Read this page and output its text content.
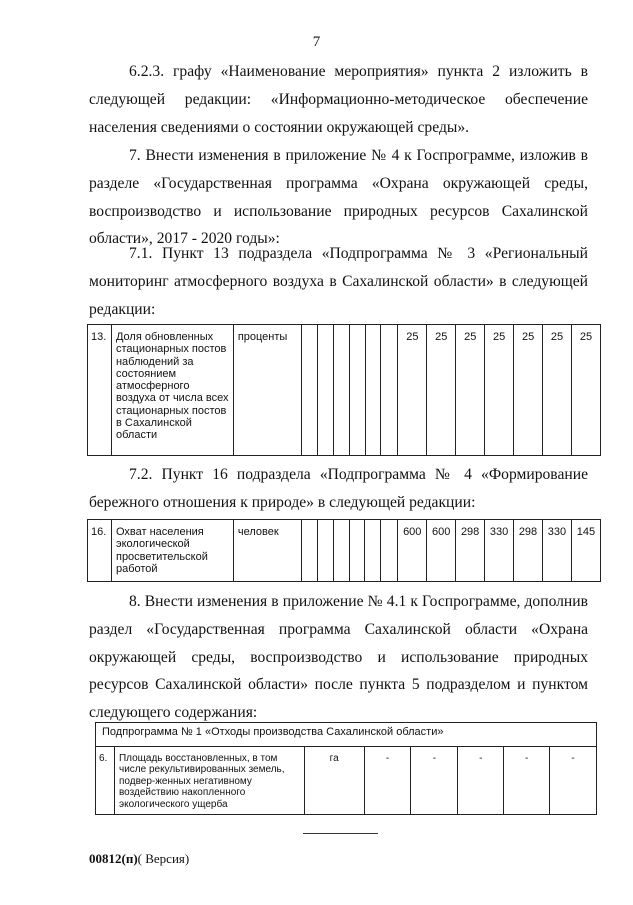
7
6.2.3. графу «Наименование мероприятия» пункта 2 изложить в следующей редакции: «Информационно-методическое обеспечение населения сведениями о состоянии окружающей среды».
7. Внести изменения в приложение № 4 к Госпрограмме, изложив в разделе «Государственная программа «Охрана окружающей среды, воспроизводство и использование природных ресурсов Сахалинской области», 2017 - 2020 годы»:
7.1. Пункт 13 подраздела «Подпрограмма № 3 «Региональный мониторинг атмосферного воздуха в Сахалинской области» в следующей редакции:
13.	Доля обновленных стационарных постов наблюдений за состоянием атмосферного воздуха от числа всех стационарных постов в Сахалинской области	проценты							25	25	25	25	25	25	25
7.2. Пункт 16 подраздела «Подпрограмма № 4 «Формирование бережного отношения к природе» в следующей редакции:
16.	Охват населения экологической просветительской работой	человек							600	600	298	330	298	330	145
8. Внести изменения в приложение № 4.1 к Госпрограмме, дополнив раздел «Государственная программа Сахалинской области «Охрана окружающей среды, воспроизводство и использование природных ресурсов Сахалинской области» после пункта 5 подразделом и пунктом следующего содержания:
Подпрограмма № 1 «Отходы производства Сахалинской области»
6.	Площадь восстановленных, в том числе рекультивированных земель, подвер-женных негативному воздействию накопленного экологического ущерба	га	-	-	-	-	-
00812(п)( Версия)
